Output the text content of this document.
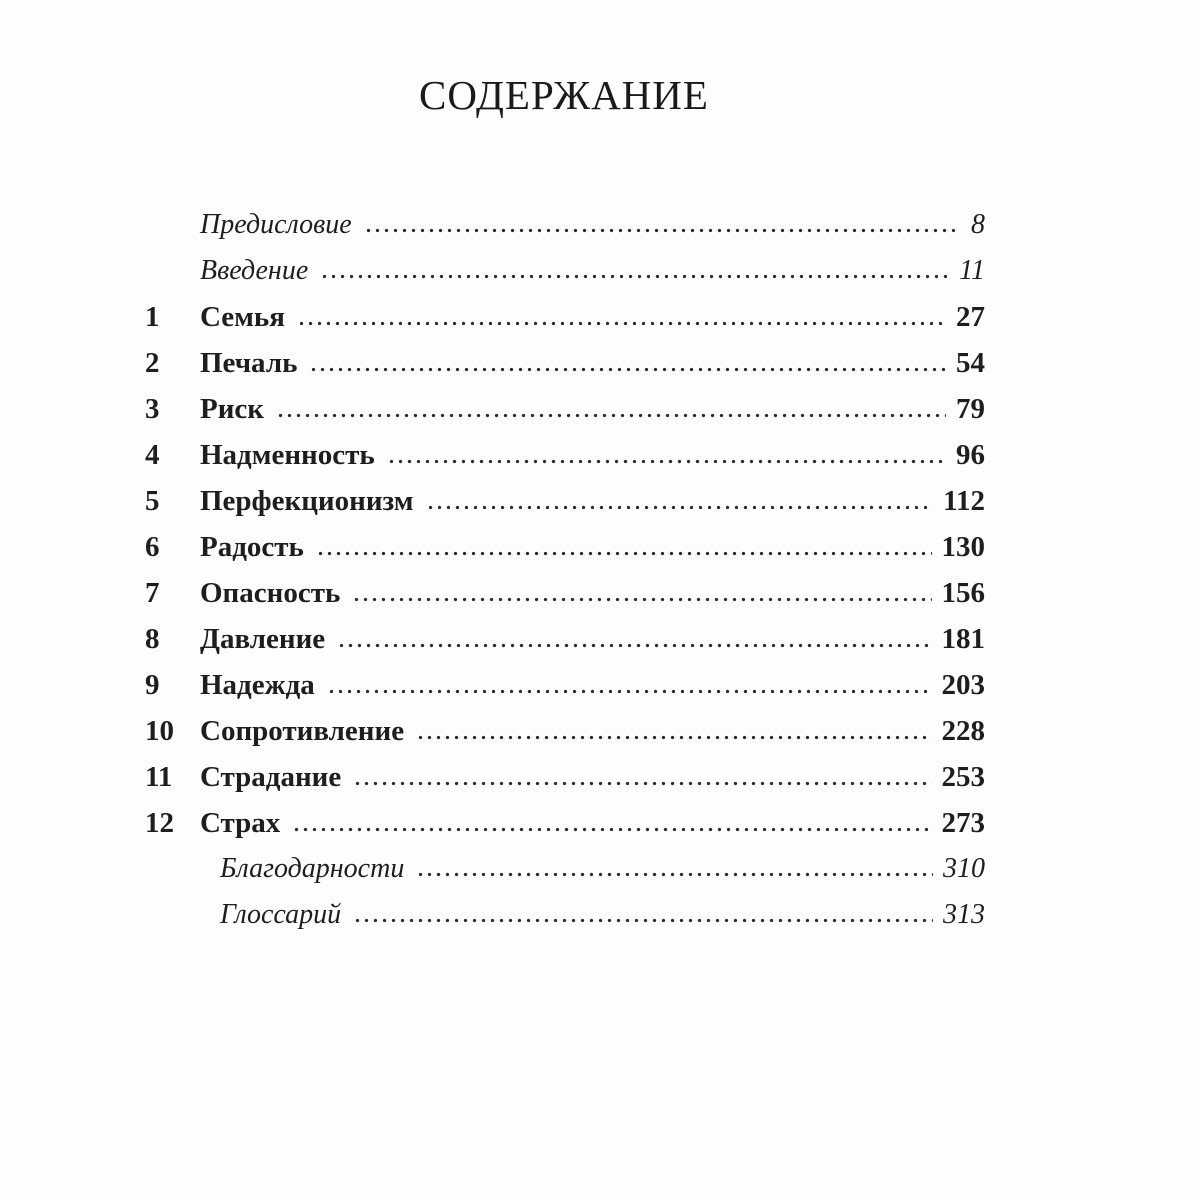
СОДЕРЖАНИЕ
Предисловие	8
Введение	11
1	Семья	27
2	Печаль	54
3	Риск	79
4	Надменность	96
5	Перфекционизм	112
6	Радость	130
7	Опасность	156
8	Давление	181
9	Надежда	203
10 Сопротивление	228
11 Страдание	253
12 Страх	273
Благодарности	310
Глоссарий	313
